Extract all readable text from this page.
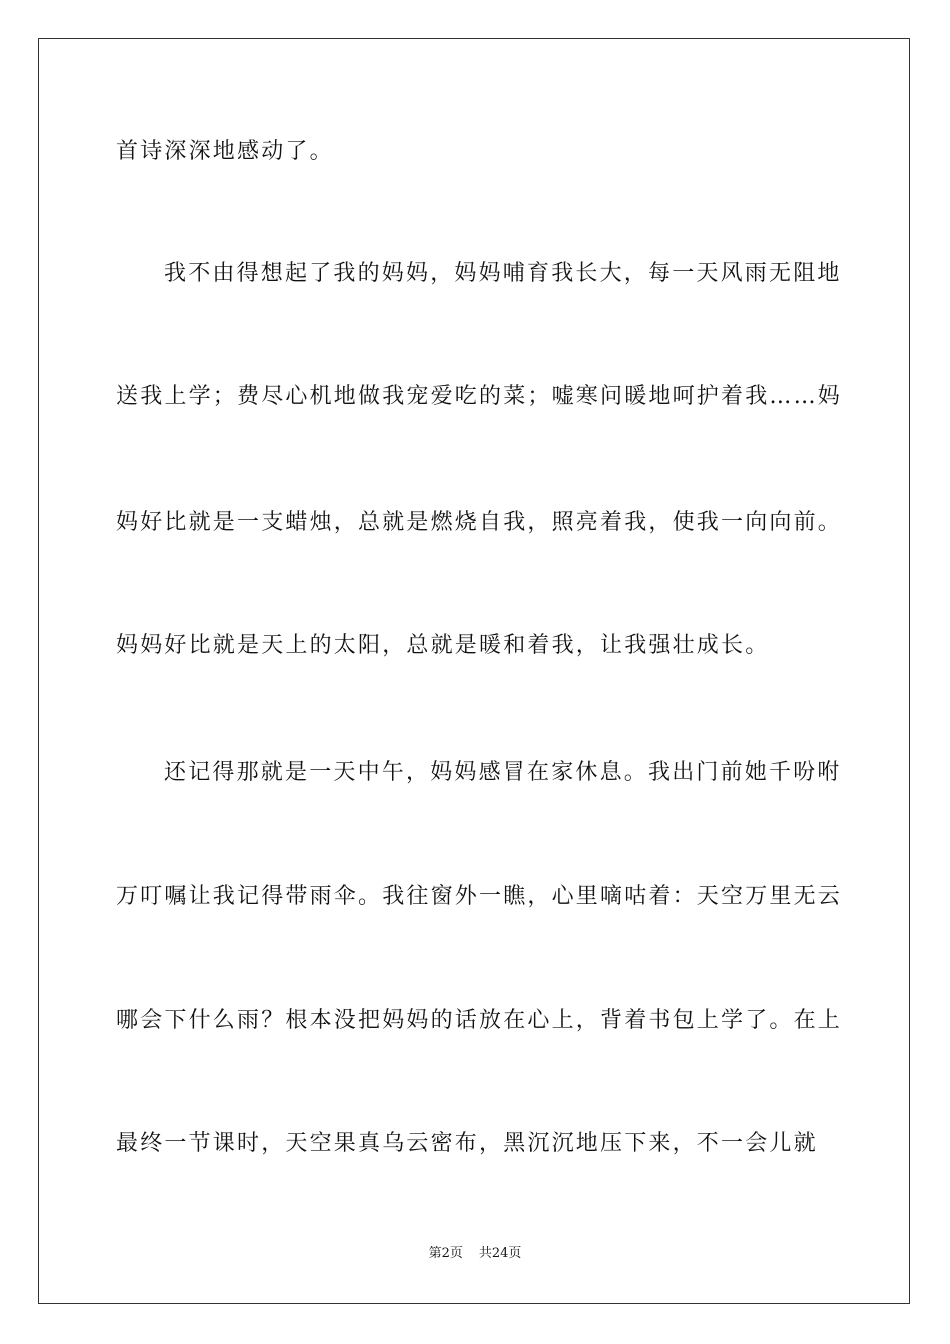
首诗深深地感动了。
我不由得想起了我的妈妈，妈妈哺育我长大，每一天风雨无阻地
送我上学；费尽心机地做我宠爱吃的菜；嘘寒问暖地呵护着我……妈
妈好比就是一支蜡烛，总就是燃烧自我，照亮着我，使我一向向前。
妈妈好比就是天上的太阳，总就是暖和着我，让我强壮成长。
还记得那就是一天中午，妈妈感冒在家休息。我出门前她千吩咐
万叮嘱让我记得带雨伞。我往窗外一瞧，心里嘀咕着：天空万里无云
哪会下什么雨？根本没把妈妈的话放在心上，背着书包上学了。在上
最终一节课时，天空果真乌云密布，黑沉沉地压下来，不一会儿就
第2页 共24页
